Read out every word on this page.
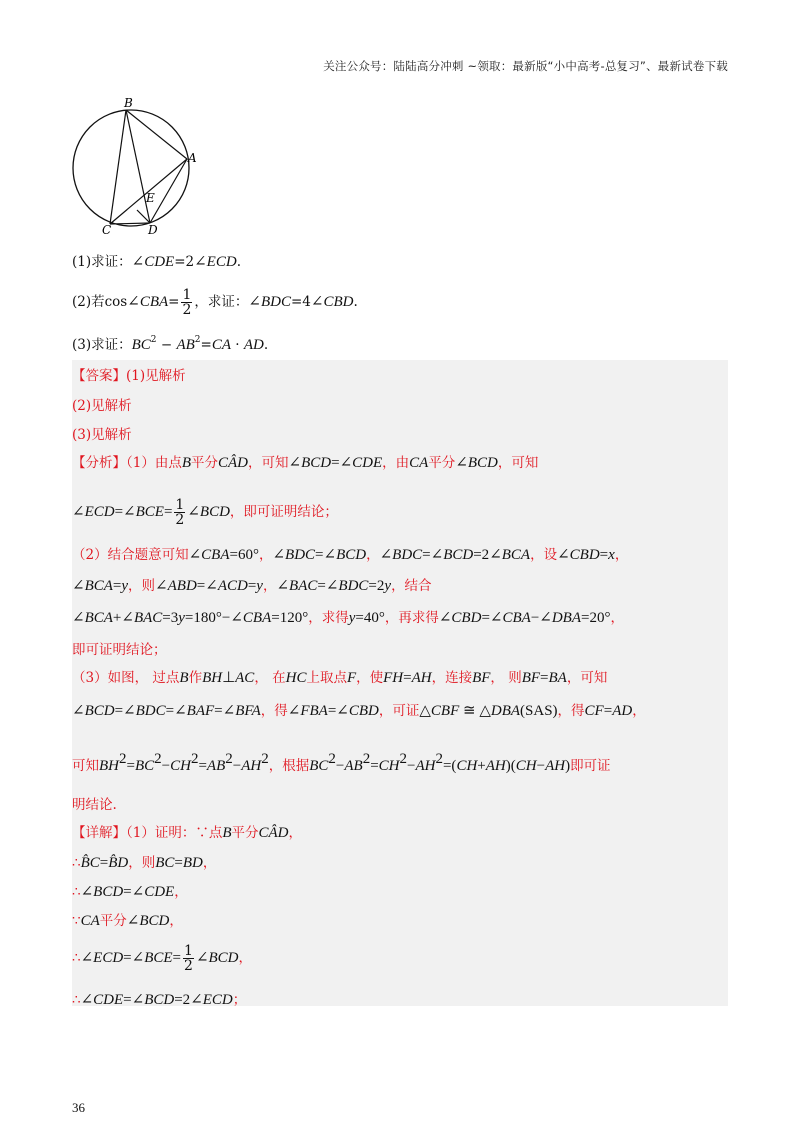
关注公众号：陆陆高分冲刺 ~领取：最新版“小中高考-总复习”、最新试卷下载
B
A
E
C	D
(1)求证：∠CDE=2∠ECD.
(2)若cos∠CBA= $\frac{1}{2}$ ，求证：∠BDC=4∠CBD.
(3)求证：$BC^2 - AB^2=CA$ · AD.
【答案】(1)见解析
(2)见解析
(3)见解析
【分析】（1）由点B平分CÂD，可知∠BCD=∠CDE，由CA平分∠BCD，可知
∠ECD=∠BCE= $\frac{1}{2}$ ∠BCD，即可证明结论；
（2）结合题意可知∠CBA=60°，∠BDC=∠BCD，∠BDC=∠BCD=2∠BCA，设∠CBD=x，
∠BCA=y，则∠ABD=∠ACD=y，∠BAC=∠BDC=2y，结合
∠BCA+∠BAC=3y=180°−∠CBA=120°，求得y=40°，再求得∠CBD=∠CBA−∠DBA=20°，
即可证明结论；
（3）如图， 过点B作BH⊥AC， 在HC上取点F，使FH=AH，连接BF， 则BF=BA，可知
∠BCD=∠BDC=∠BAF=∠BFA，得∠FBA=∠CBD，可证△CBF ≅ △DBA(SAS)，得CF=AD，
可知BH2=BC2−CH2=AB2−AH2，根据BC2−AB2=CH2−AH2=(CH+AH)(CH−AH)即可证
明结论.
【详解】（1）证明：∵点B平分CÂD，
∴B̂C=B̂D，则BC=BD，
∴∠BCD=∠CDE，
∵CA平分∠BCD，
∴∠ECD=∠BCE= $\frac{1}{2}$ ∠BCD，
∴∠CDE=∠BCD=2∠ECD；
36
